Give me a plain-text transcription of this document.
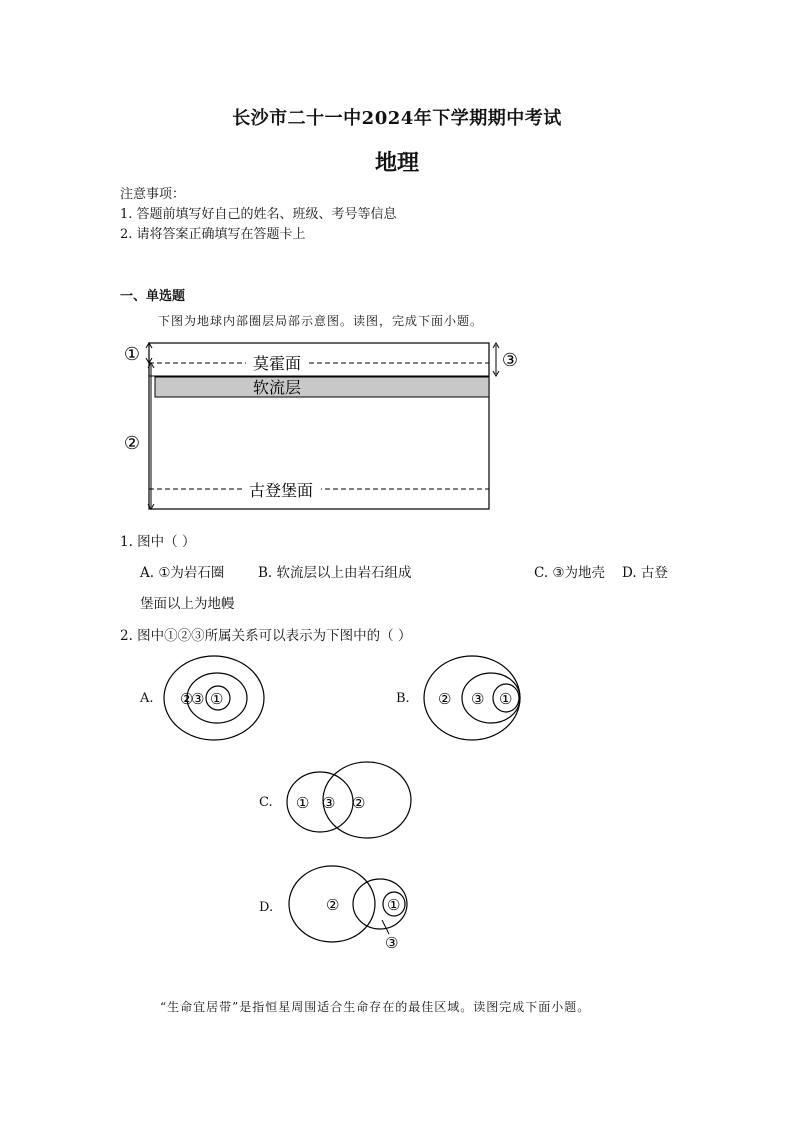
长沙市二十一中2024年下学期期中考试
地理
注意事项：
1. 答题前填写好自己的姓名、班级、考号等信息
2. 请将答案正确填写在答题卡上
一、单选题
下图为地球内部圈层局部示意图。读图，完成下面小题。
莫霍面
软流层
古登堡面
①
②
③
1. 图中（ ）
A. ①为岩石圈 B. 软流层以上由岩石组成	C. ③为地壳 D. 古登
堡面以上为地幔
2. 图中①②③所属关系可以表示为下图中的（ ）
A. ②
③ ①	B. ② ③ ①
C. ① ③ ②
D.	②	①
③
“生命宜居带”是指恒星周围适合生命存在的最佳区域。读图完成下面小题。
